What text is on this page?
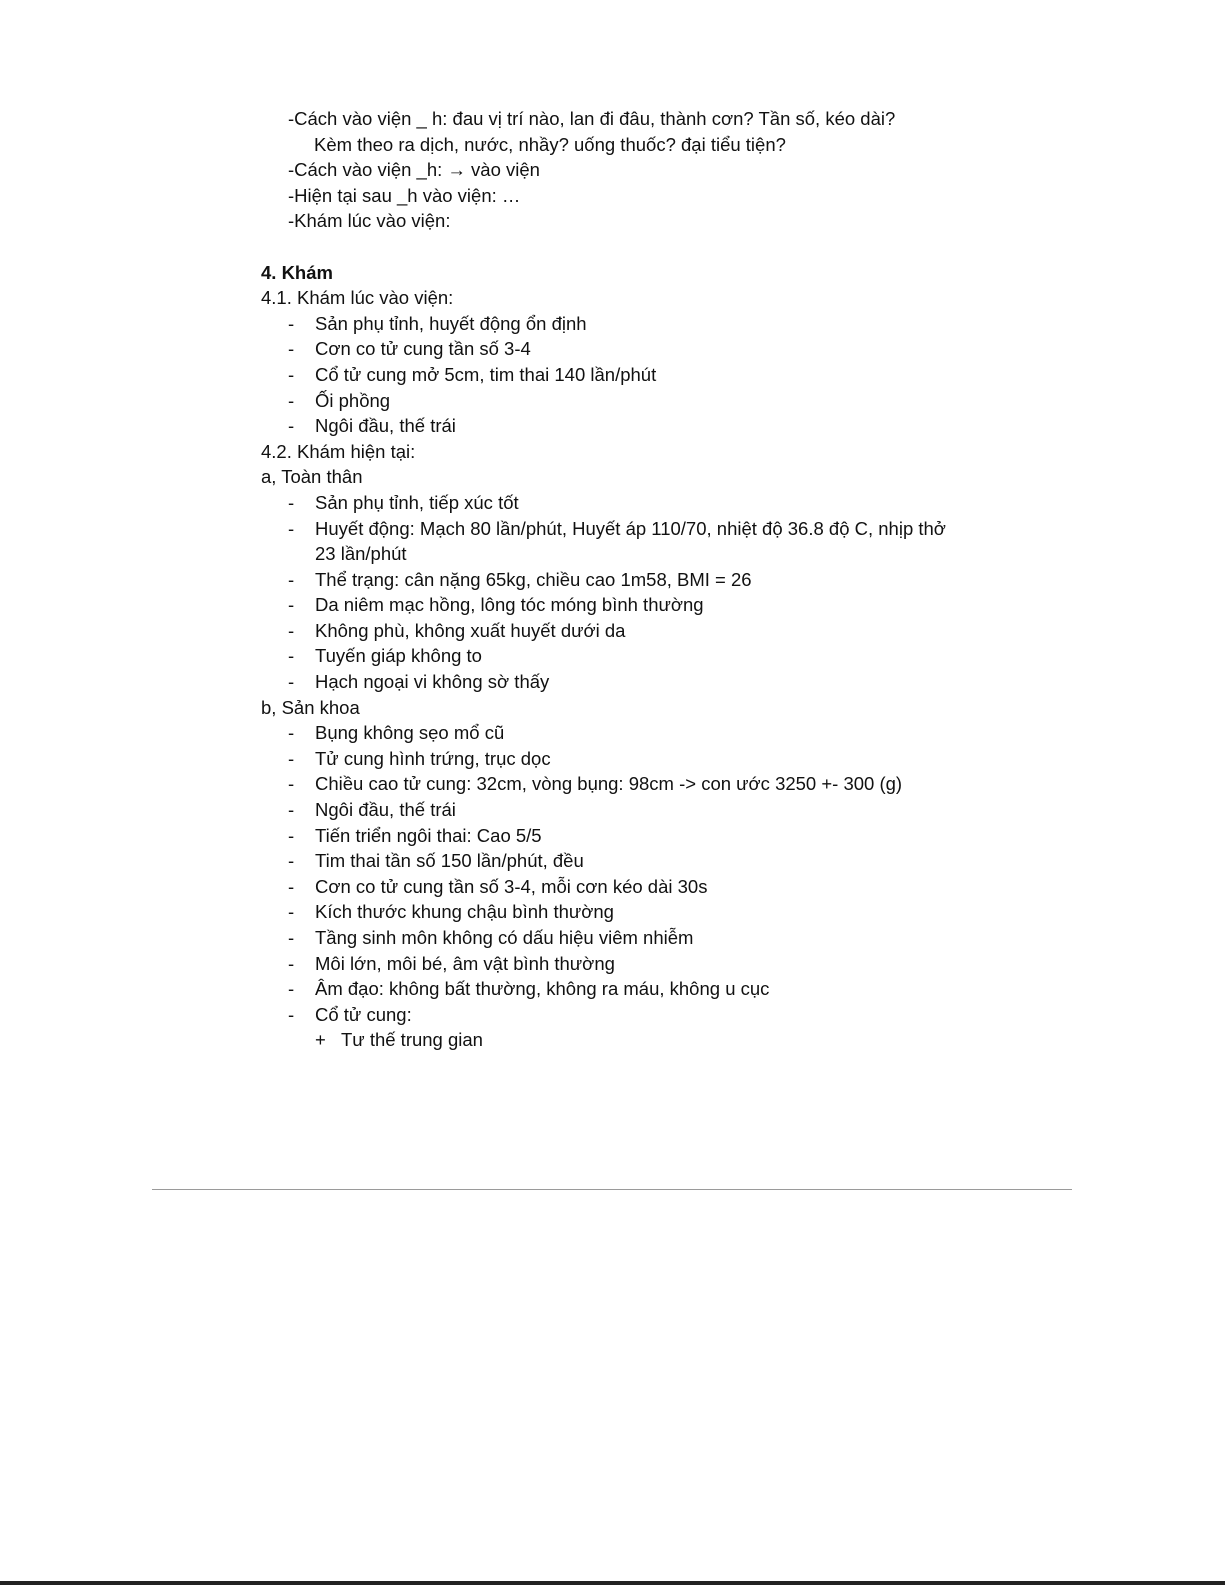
-Cách vào viện _ h: đau vị trí nào, lan đi đâu, thành cơn? Tần số, kéo dài?

Kèm theo ra dịch, nước, nhầy? uống thuốc? đại tiểu tiện?

-Cách vào viện _h: → vào viện

-Hiện tại sau _h vào viện: …

-Khám lúc vào viện:

4. Khám

4.1. Khám lúc vào viện:

-	Sản phụ tỉnh, huyết động ổn định
-	Cơn co tử cung tần số 3-4
-	Cổ tử cung mở 5cm, tim thai 140 lần/phút
-	Ối phồng
-	Ngôi đầu, thế trái

4.2. Khám hiện tại:

a, Toàn thân

-	Sản phụ tỉnh, tiếp xúc tốt
-	Huyết động: Mạch 80 lần/phút, Huyết áp 110/70, nhiệt độ 36.8 độ C, nhịp thở 23 lần/phút
-	Thể trạng: cân nặng 65kg, chiều cao 1m58, BMI = 26
-	Da niêm mạc hồng, lông tóc móng bình thường
-	Không phù, không xuất huyết dưới da
-	Tuyến giáp không to
-	Hạch ngoại vi không sờ thấy

b, Sản khoa

-	Bụng không sẹo mổ cũ
-	Tử cung hình trứng, trục dọc
-	Chiều cao tử cung: 32cm, vòng bụng: 98cm -> con ước 3250 +- 300 (g)
-	Ngôi đầu, thế trái
-	Tiến triển ngôi thai: Cao 5/5
-	Tim thai tần số 150 lần/phút, đều
-	Cơn co tử cung tần số 3-4, mỗi cơn kéo dài 30s
-	Kích thước khung chậu bình thường
-	Tầng sinh môn không có dấu hiệu viêm nhiễm
-	Môi lớn, môi bé, âm vật bình thường
-	Âm đạo: không bất thường, không ra máu, không u cục
-	Cổ tử cung:
+ Tư thế trung gian
